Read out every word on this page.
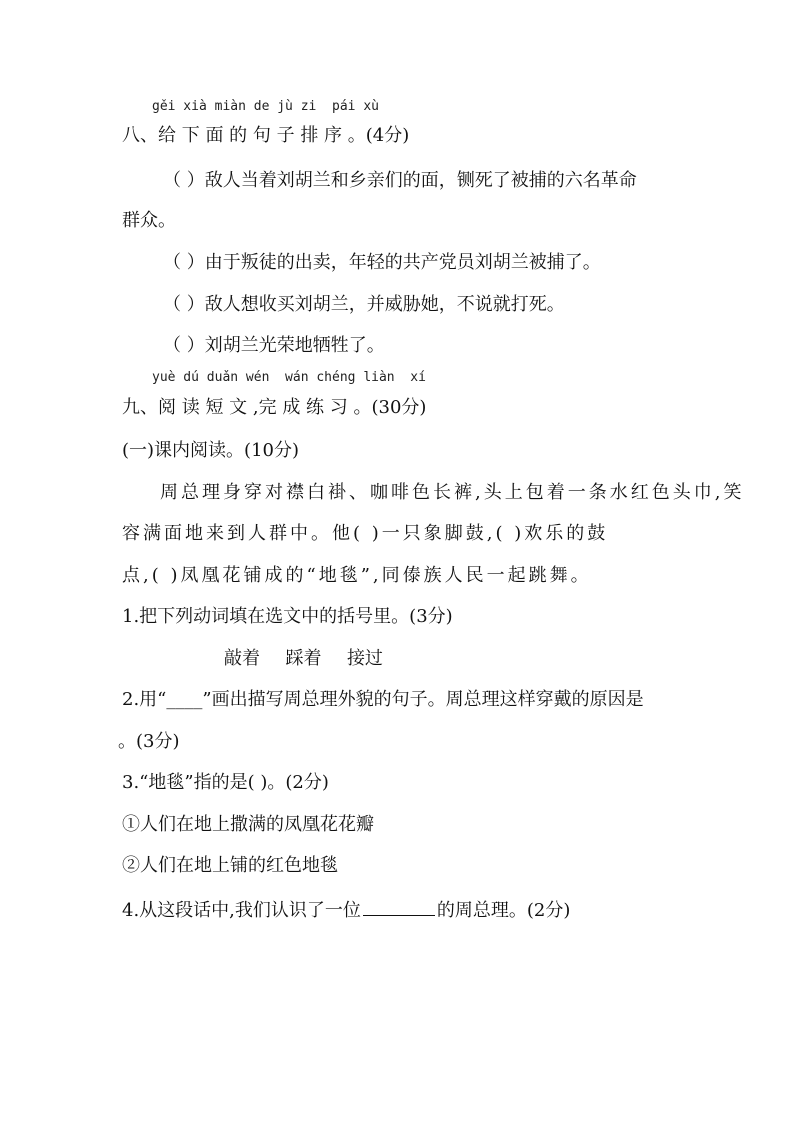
gěi xià miàn de jù zi  pái xù
八、给 下 面 的 句 子 排 序 。(4分)
（ ）敌人当着刘胡兰和乡亲们的面，铡死了被捕的六名革命
群众。
（ ）由于叛徒的出卖，年轻的共产党员刘胡兰被捕了。
（ ）敌人想收买刘胡兰，并威胁她，不说就打死。
（ ）刘胡兰光荣地牺牲了。
yuè dú duǎn wén  wán chéng liàn  xí
九、阅 读 短 文 ,完 成 练 习 。(30分)
(一)课内阅读。(10分)
周总理身穿对襟白褂、咖啡色长裤,头上包着一条水红色头巾,笑
容满面地来到人群中。他( )一只象脚鼓,( )欢乐的鼓
点,( )凤凰花铺成的“地毯”,同傣族人民一起跳舞。
1.把下列动词填在选文中的括号里。(3分)
敲着 踩着 接过
2.用“____”画出描写周总理外貌的句子。周总理这样穿戴的原因是
。(3分)
3.“地毯”指的是( )。(2分)
①人们在地上撒满的凤凰花花瓣
②人们在地上铺的红色地毯
4.从这段话中,我们认识了一位	的周总理。(2分)
